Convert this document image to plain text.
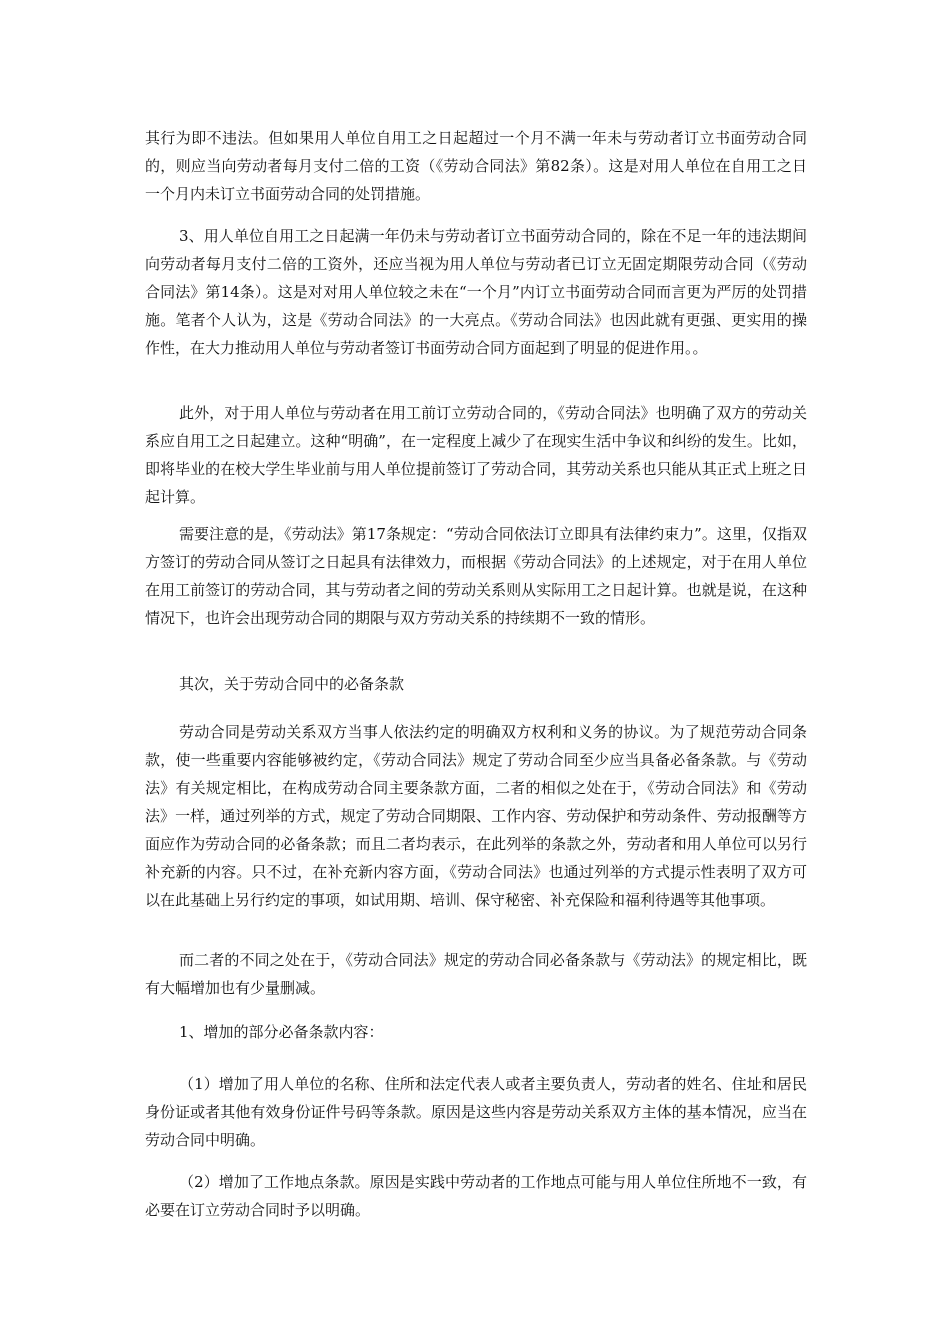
其行为即不违法。但如果用人单位自用工之日起超过一个月不满一年未与劳动者订立书面劳动合同的，则应当向劳动者每月支付二倍的工资（《劳动合同法》第82条）。这是对用人单位在自用工之日一个月内未订立书面劳动合同的处罚措施。

3、用人单位自用工之日起满一年仍未与劳动者订立书面劳动合同的，除在不足一年的违法期间向劳动者每月支付二倍的工资外，还应当视为用人单位与劳动者已订立无固定期限劳动合同（《劳动合同法》第14条）。这是对对用人单位较之未在“一个月”内订立书面劳动合同而言更为严厉的处罚措施。笔者个人认为，这是《劳动合同法》的一大亮点。《劳动合同法》也因此就有更强、更实用的操作性，在大力推动用人单位与劳动者签订书面劳动合同方面起到了明显的促进作用。。

此外，对于用人单位与劳动者在用工前订立劳动合同的，《劳动合同法》也明确了双方的劳动关系应自用工之日起建立。这种“明确”，在一定程度上减少了在现实生活中争议和纠纷的发生。比如，即将毕业的在校大学生毕业前与用人单位提前签订了劳动合同，其劳动关系也只能从其正式上班之日起计算。

需要注意的是，《劳动法》第17条规定：“劳动合同依法订立即具有法律约束力”。这里，仅指双方签订的劳动合同从签订之日起具有法律效力，而根据《劳动合同法》的上述规定，对于在用人单位在用工前签订的劳动合同，其与劳动者之间的劳动关系则从实际用工之日起计算。也就是说，在这种情况下，也许会出现劳动合同的期限与双方劳动关系的持续期不一致的情形。

其次，关于劳动合同中的必备条款

劳动合同是劳动关系双方当事人依法约定的明确双方权利和义务的协议。为了规范劳动合同条款，使一些重要内容能够被约定，《劳动合同法》规定了劳动合同至少应当具备必备条款。与《劳动法》有关规定相比，在构成劳动合同主要条款方面，二者的相似之处在于，《劳动合同法》和《劳动法》一样，通过列举的方式，规定了劳动合同期限、工作内容、劳动保护和劳动条件、劳动报酬等方面应作为劳动合同的必备条款；而且二者均表示，在此列举的条款之外，劳动者和用人单位可以另行补充新的内容。只不过，在补充新内容方面，《劳动合同法》也通过列举的方式提示性表明了双方可以在此基础上另行约定的事项，如试用期、培训、保守秘密、补充保险和福利待遇等其他事项。

而二者的不同之处在于，《劳动合同法》规定的劳动合同必备条款与《劳动法》的规定相比，既有大幅增加也有少量删减。

1、增加的部分必备条款内容：

（1）增加了用人单位的名称、住所和法定代表人或者主要负责人，劳动者的姓名、住址和居民身份证或者其他有效身份证件号码等条款。原因是这些内容是劳动关系双方主体的基本情况，应当在劳动合同中明确。

（2）增加了工作地点条款。原因是实践中劳动者的工作地点可能与用人单位住所地不一致，有必要在订立劳动合同时予以明确。
